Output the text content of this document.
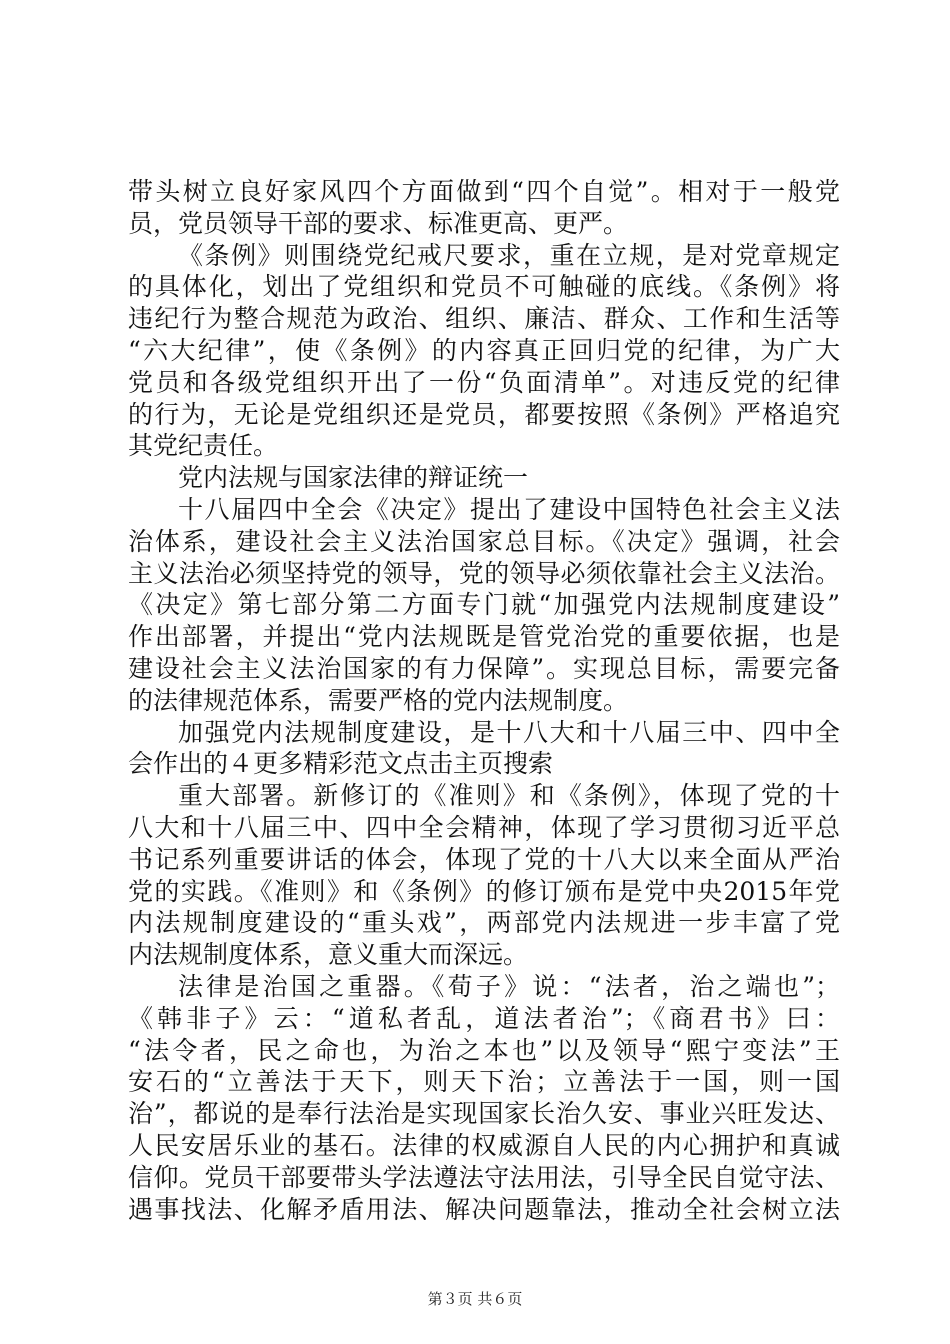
带头树立良好家风四个方面做到“四个自觉”。相对于一般党
员，党员领导干部的要求、标准更高、更严。
《条例》则围绕党纪戒尺要求，重在立规，是对党章规定
的具体化，划出了党组织和党员不可触碰的底线。《条例》将
违纪行为整合规范为政治、组织、廉洁、群众、工作和生活等
“六大纪律”，使《条例》的内容真正回归党的纪律，为广大
党员和各级党组织开出了一份“负面清单”。对违反党的纪律
的行为，无论是党组织还是党员，都要按照《条例》严格追究
其党纪责任。
党内法规与国家法律的辩证统一
十八届四中全会《决定》提出了建设中国特色社会主义法
治体系，建设社会主义法治国家总目标。《决定》强调，社会
主义法治必须坚持党的领导，党的领导必须依靠社会主义法治。
《决定》第七部分第二方面专门就“加强党内法规制度建设”
作出部署，并提出“党内法规既是管党治党的重要依据，也是
建设社会主义法治国家的有力保障”。实现总目标，需要完备
的法律规范体系，需要严格的党内法规制度。
加强党内法规制度建设，是十八大和十八届三中、四中全
会作出的４更多精彩范文点击主页搜索
重大部署。新修订的《准则》和《条例》，体现了党的十
八大和十八届三中、四中全会精神，体现了学习贯彻习近平总
书记系列重要讲话的体会，体现了党的十八大以来全面从严治
党的实践。《准则》和《条例》的修订颁布是党中央2015年党
内法规制度建设的“重头戏”，两部党内法规进一步丰富了党
内法规制度体系，意义重大而深远。
法律是治国之重器。《荀子》说：“法者，治之端也”；
《韩非子》云：“道私者乱，道法者治”；《商君书》曰：
“法令者，民之命也，为治之本也”以及领导“熙宁变法”王
安石的“立善法于天下，则天下治；立善法于一国，则一国
治”，都说的是奉行法治是实现国家长治久安、事业兴旺发达、
人民安居乐业的基石。法律的权威源自人民的内心拥护和真诚
信仰。党员干部要带头学法遵法守法用法，引导全民自觉守法、
遇事找法、化解矛盾用法、解决问题靠法，推动全社会树立法
第３页 共６页
